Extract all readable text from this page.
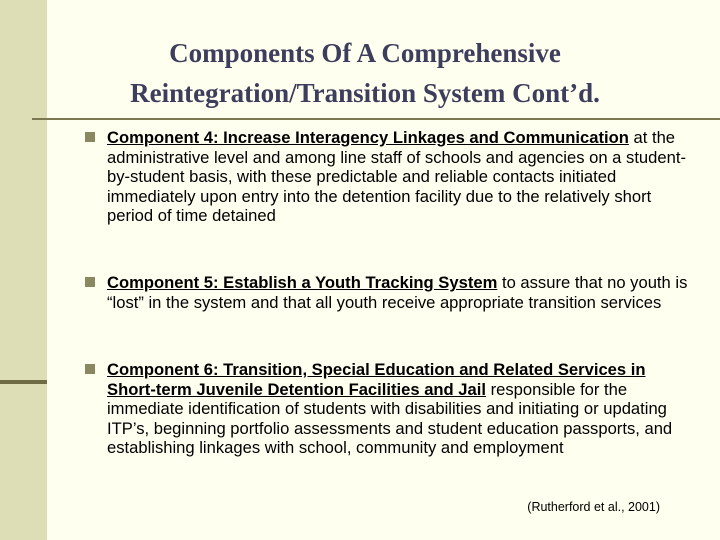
Components Of A Comprehensive
Reintegration/Transition System Cont’d.
Component 4: Increase Interagency Linkages and Communication at the administrative level and among line staff of schools and agencies on a student-by-student basis, with these predictable and reliable contacts initiated immediately upon entry into the detention facility due to the relatively short period of time detained
Component 5: Establish a Youth Tracking System to assure that no youth is “lost” in the system and that all youth receive appropriate transition services
Component 6: Transition, Special Education and Related Services in Short-term Juvenile Detention Facilities and Jail responsible for the immediate identification of students with disabilities and initiating or updating ITP’s, beginning portfolio assessments and student education passports, and establishing linkages with school, community and employment
(Rutherford et al., 2001)
